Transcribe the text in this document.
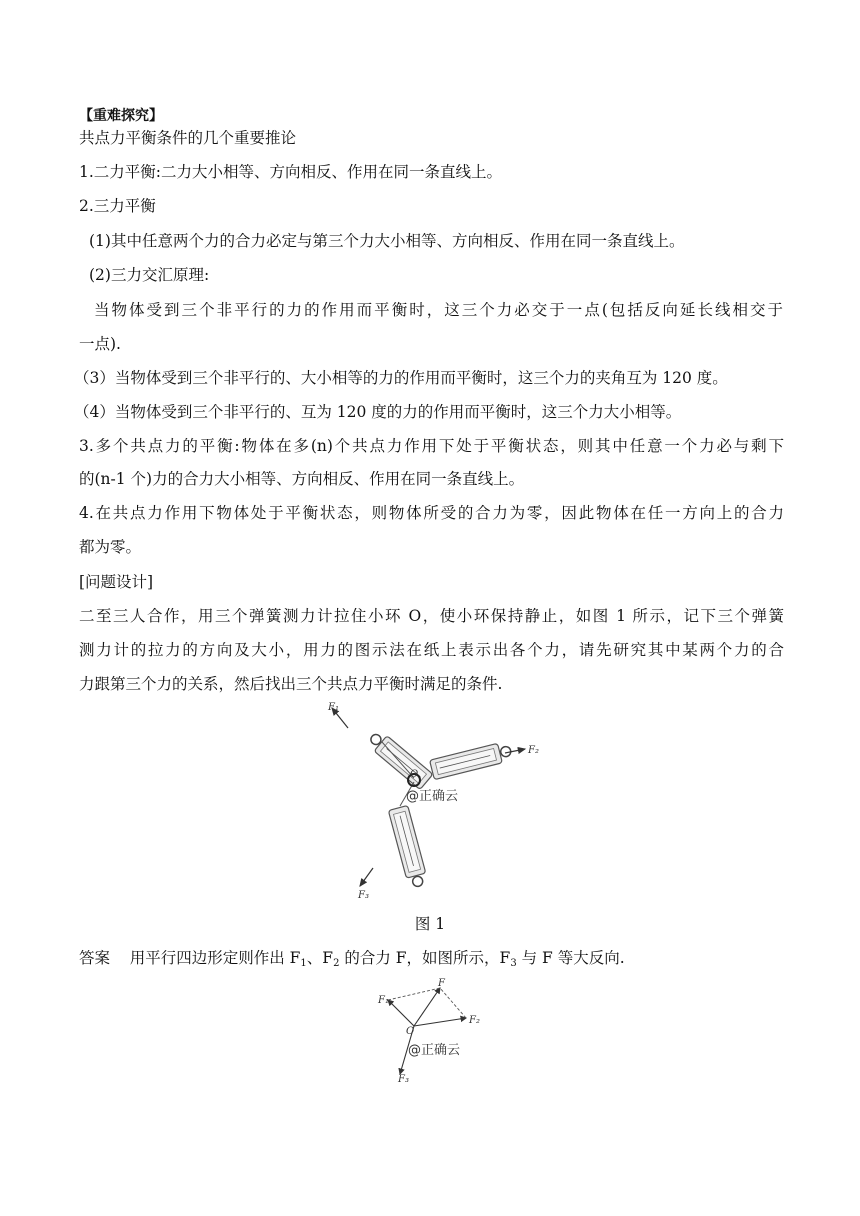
【重难探究】
共点力平衡条件的几个重要推论
1.二力平衡:二力大小相等、方向相反、作用在同一条直线上。
2.三力平衡
(1)其中任意两个力的合力必定与第三个力大小相等、方向相反、作用在同一条直线上。
(2)三力交汇原理:
当物体受到三个非平行的力的作用而平衡时，这三个力必交于一点(包括反向延长线相交于
一点).
（3）当物体受到三个非平行的、大小相等的力的作用而平衡时，这三个力的夹角互为 120 度。
（4）当物体受到三个非平行的、互为 120 度的力的作用而平衡时，这三个力大小相等。
3.多个共点力的平衡:物体在多(n)个共点力作用下处于平衡状态，则其中任意一个力必与剩下
的(n-1 个)力的合力大小相等、方向相反、作用在同一条直线上。
4.在共点力作用下物体处于平衡状态，则物体所受的合力为零，因此物体在任一方向上的合力
都为零。
[问题设计]
二至三人合作，用三个弹簧测力计拉住小环 O，使小环保持静止，如图 1 所示，记下三个弹簧
测力计的拉力的方向及大小，用力的图示法在纸上表示出各个力，请先研究其中某两个力的合
力跟第三个力的关系，然后找出三个共点力平衡时满足的条件.
O
F₁
F₂
F₃
@正确云
图 1
答案 用平行四边形定则作出 $F_1$、$F_2$ 的合力 F，如图所示，$F_3$ 与 F 等大反向.
F₁
F₂
F
F₃
O
@正确云
